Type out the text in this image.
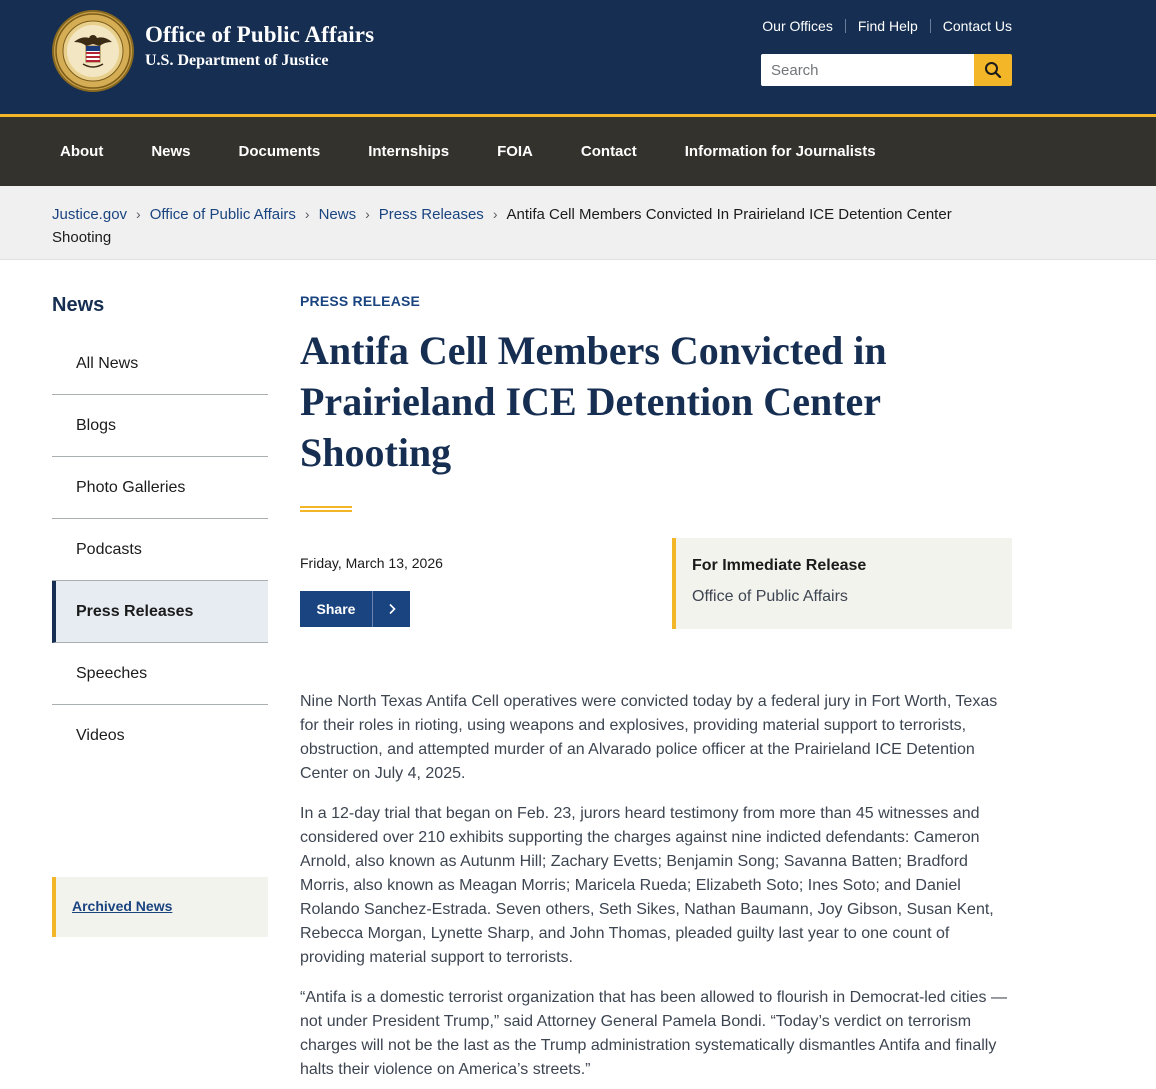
Office of Public Affairs
U.S. Department of Justice
Our Offices Find Help Contact Us
Search
About	News	Documents	Internships	FOIA	Contact	Information for Journalists
Justice.gov › Office of Public Affairs › News › Press Releases › Antifa Cell Members Convicted In Prairieland ICE Detention Center Shooting
News
All News
Blogs
Photo Galleries
Podcasts
Press Releases
Speeches
Videos
Archived News
PRESS RELEASE
Antifa Cell Members Convicted in Prairieland ICE Detention Center Shooting
Friday, March 13, 2026
Share
For Immediate Release
Office of Public Affairs

Nine North Texas Antifa Cell operatives were convicted today by a federal jury in Fort Worth, Texas for their roles in rioting, using weapons and explosives, providing material support to terrorists, obstruction, and attempted murder of an Alvarado police officer at the Prairieland ICE Detention Center on July 4, 2025.

In a 12-day trial that began on Feb. 23, jurors heard testimony from more than 45 witnesses and considered over 210 exhibits supporting the charges against nine indicted defendants: Cameron Arnold, also known as Autunm Hill; Zachary Evetts; Benjamin Song; Savanna Batten; Bradford Morris, also known as Meagan Morris; Maricela Rueda; Elizabeth Soto; Ines Soto; and Daniel Rolando Sanchez-Estrada. Seven others, Seth Sikes, Nathan Baumann, Joy Gibson, Susan Kent, Rebecca Morgan, Lynette Sharp, and John Thomas, pleaded guilty last year to one count of providing material support to terrorists.

“Antifa is a domestic terrorist organization that has been allowed to flourish in Democrat-led cities — not under President Trump,” said Attorney General Pamela Bondi. “Today’s verdict on terrorism charges will not be the last as the Trump administration systematically dismantles Antifa and finally halts their violence on America’s streets.”
